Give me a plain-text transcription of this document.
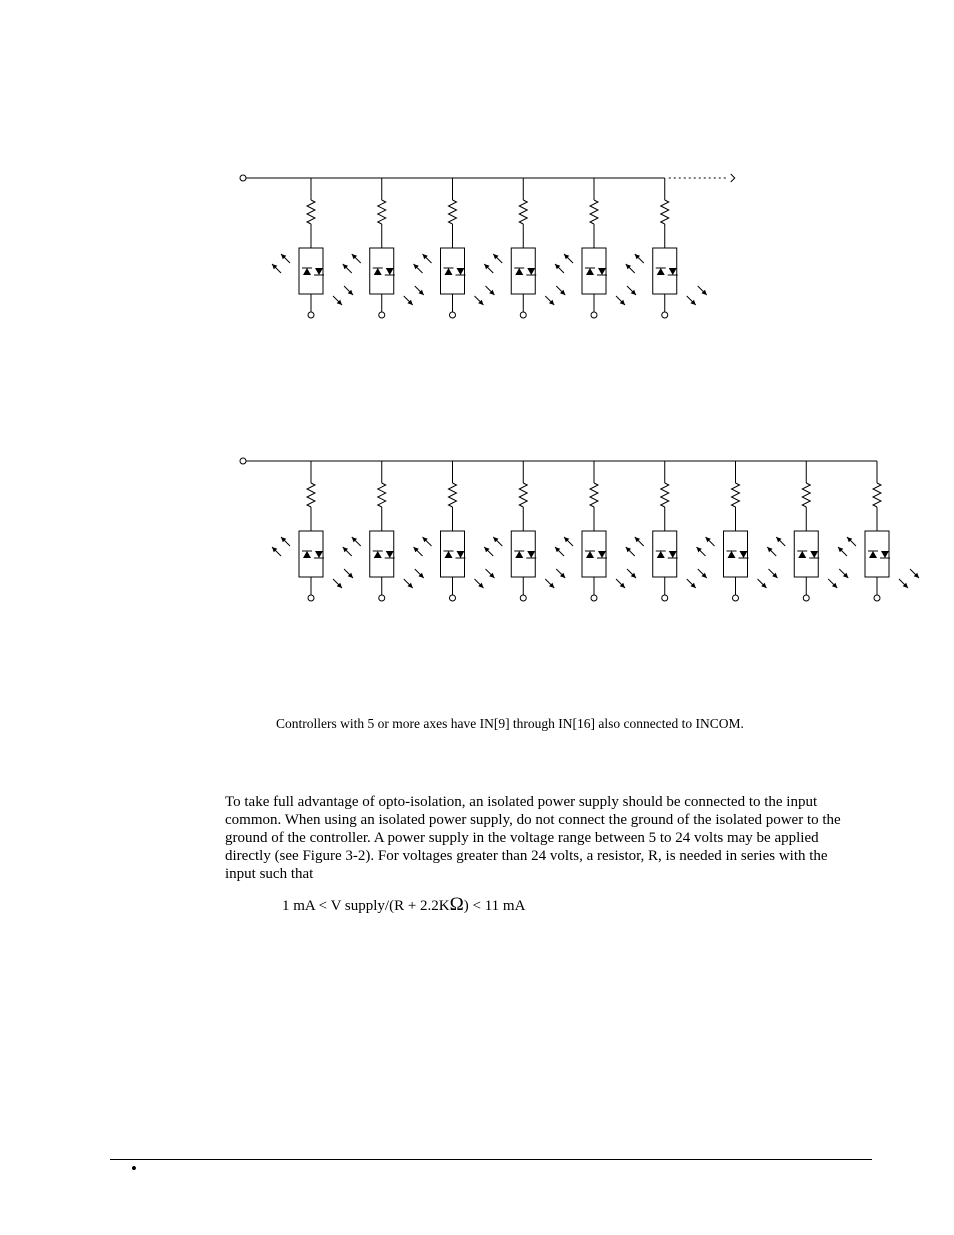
Controllers with 5 or more axes have IN[9] through IN[16] also connected to INCOM.
To take full advantage of opto-isolation, an isolated power supply should be connected to the input
common. When using an isolated power supply, do not connect the ground of the isolated power to the
ground of the controller. A power supply in the voltage range between 5 to 24 volts may be applied
directly (see Figure 3-2). For voltages greater than 24 volts, a resistor, R, is needed in series with the
input such that
1 mA < V supply/(R + 2.2KΩ) < 11 mA
•
